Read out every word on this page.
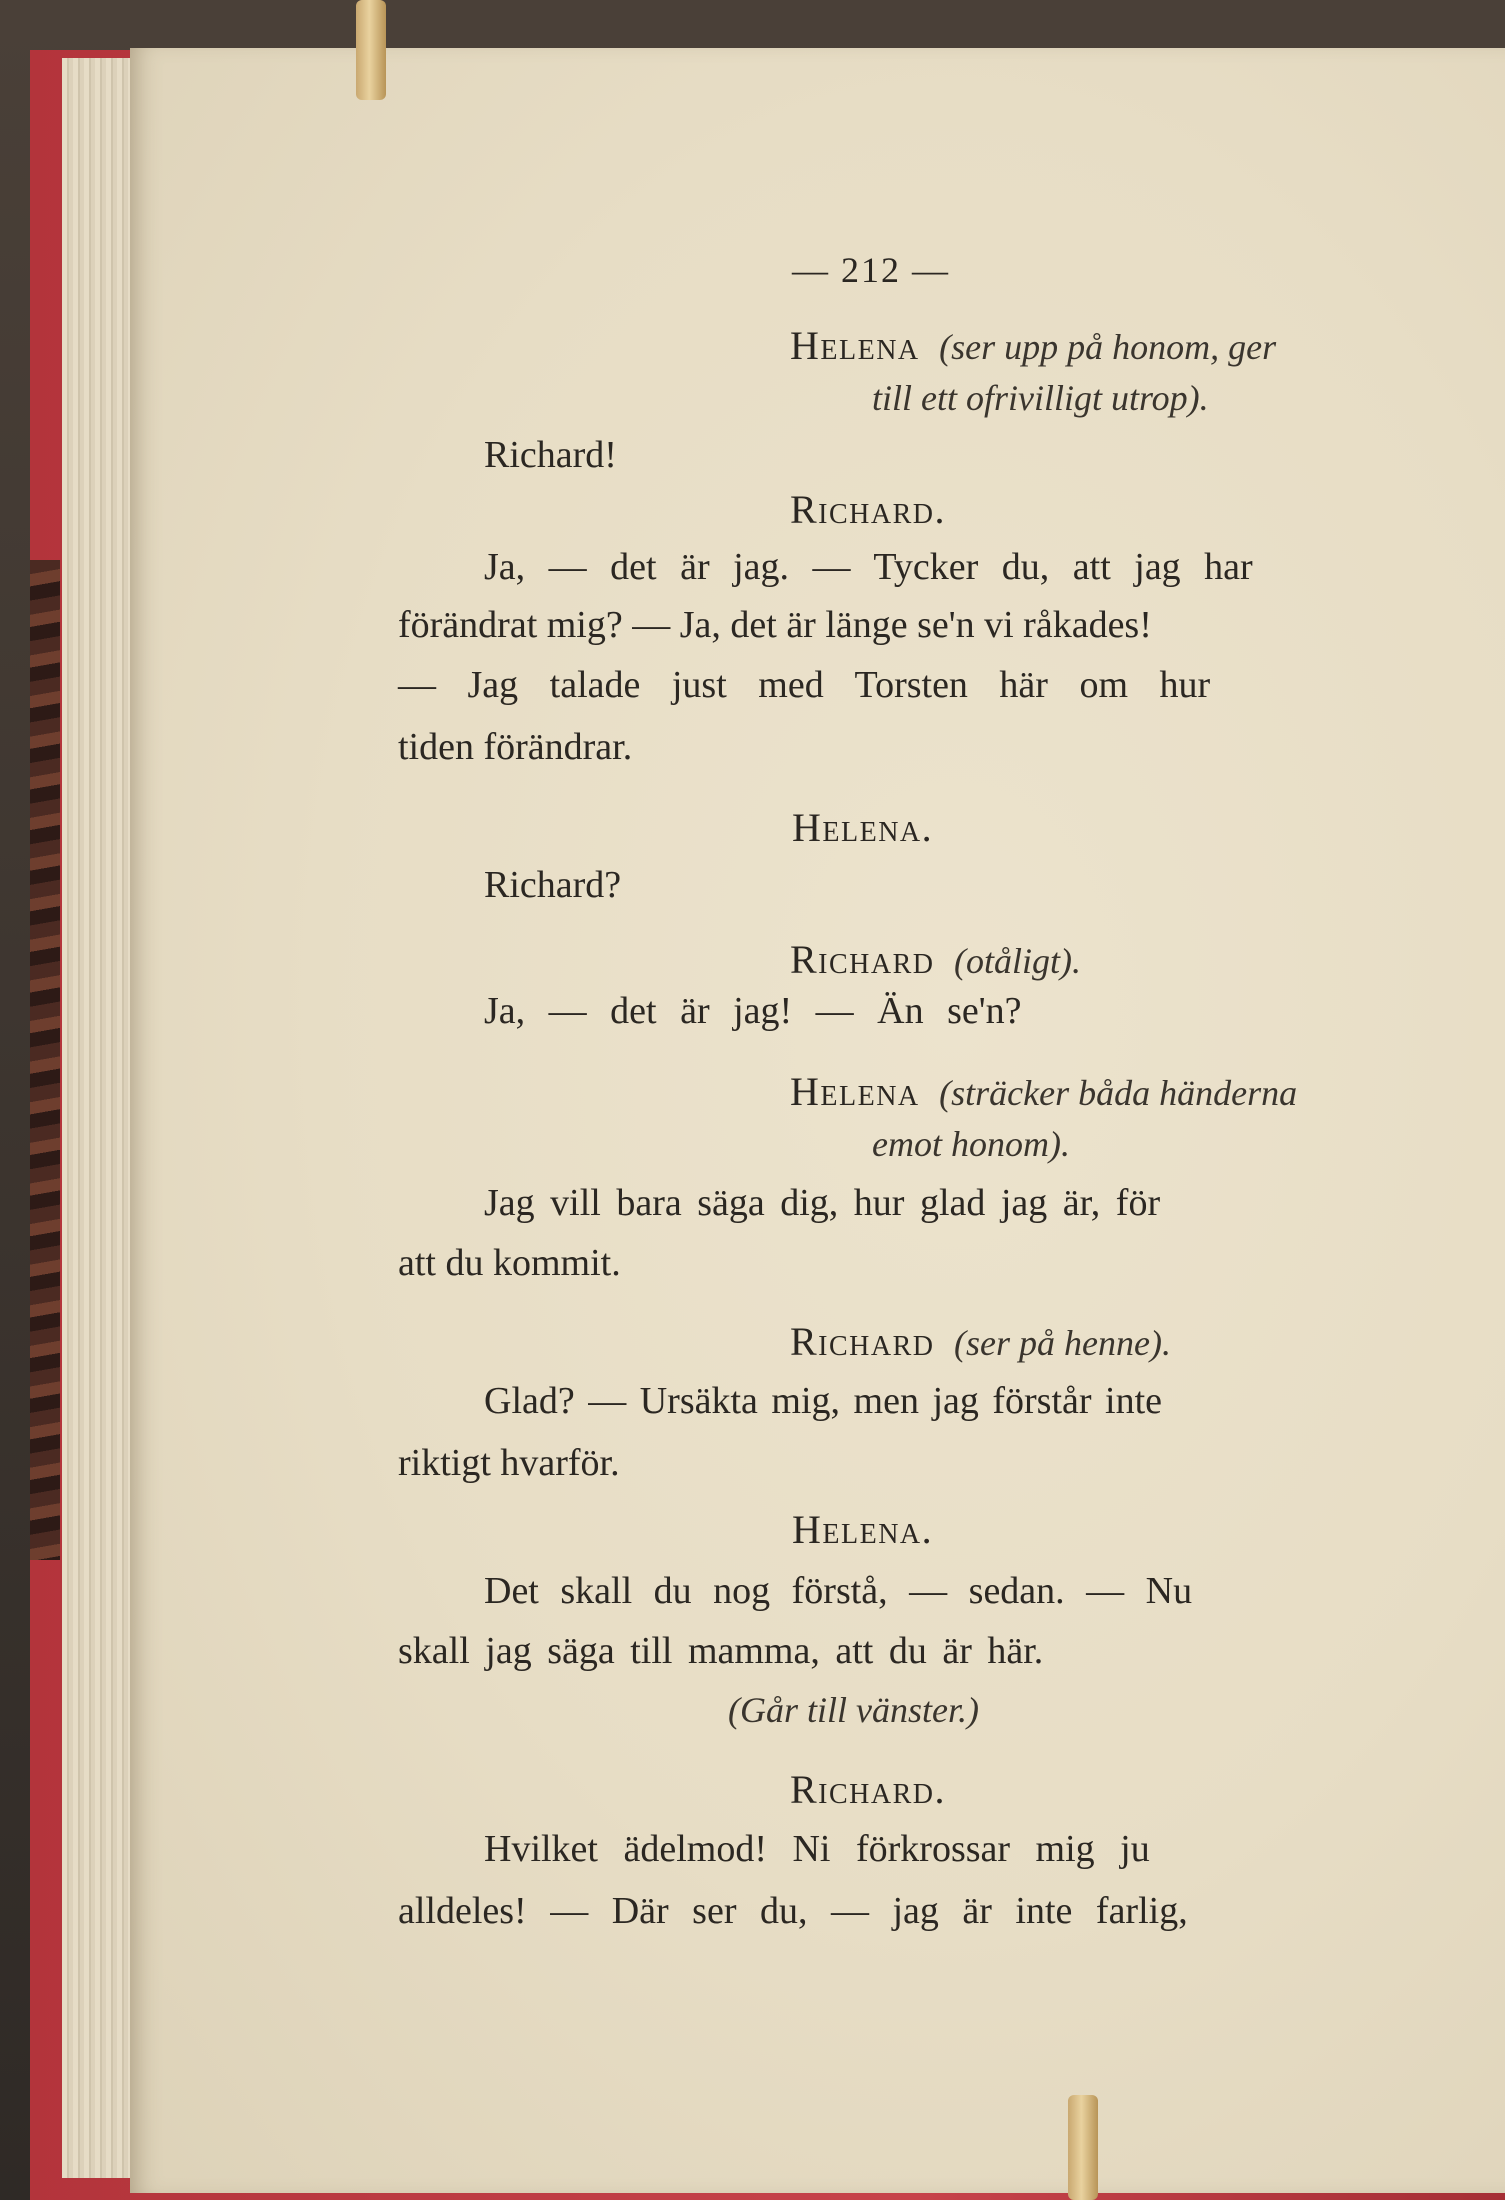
— 212 —
Helena (ser upp på honom, ger
till ett ofrivilligt utrop).
Richard!
Richard.
Ja, — det är jag. — Tycker du, att jag har
förändrat mig? — Ja, det är länge se'n vi råkades!
— Jag talade just med Torsten här om hur
tiden förändrar.
Helena.
Richard?
Richard (otåligt).
Ja, — det är jag! — Än se'n?
Helena (sträcker båda händerna
emot honom).
Jag vill bara säga dig, hur glad jag är, för
att du kommit.
Richard (ser på henne).
Glad? — Ursäkta mig, men jag förstår inte
riktigt hvarför.
Helena.
Det skall du nog förstå, — sedan. — Nu
skall jag säga till mamma, att du är här.
(Går till vänster.)
Richard.
Hvilket ädelmod! Ni förkrossar mig ju
alldeles! — Där ser du, — jag är inte farlig,
